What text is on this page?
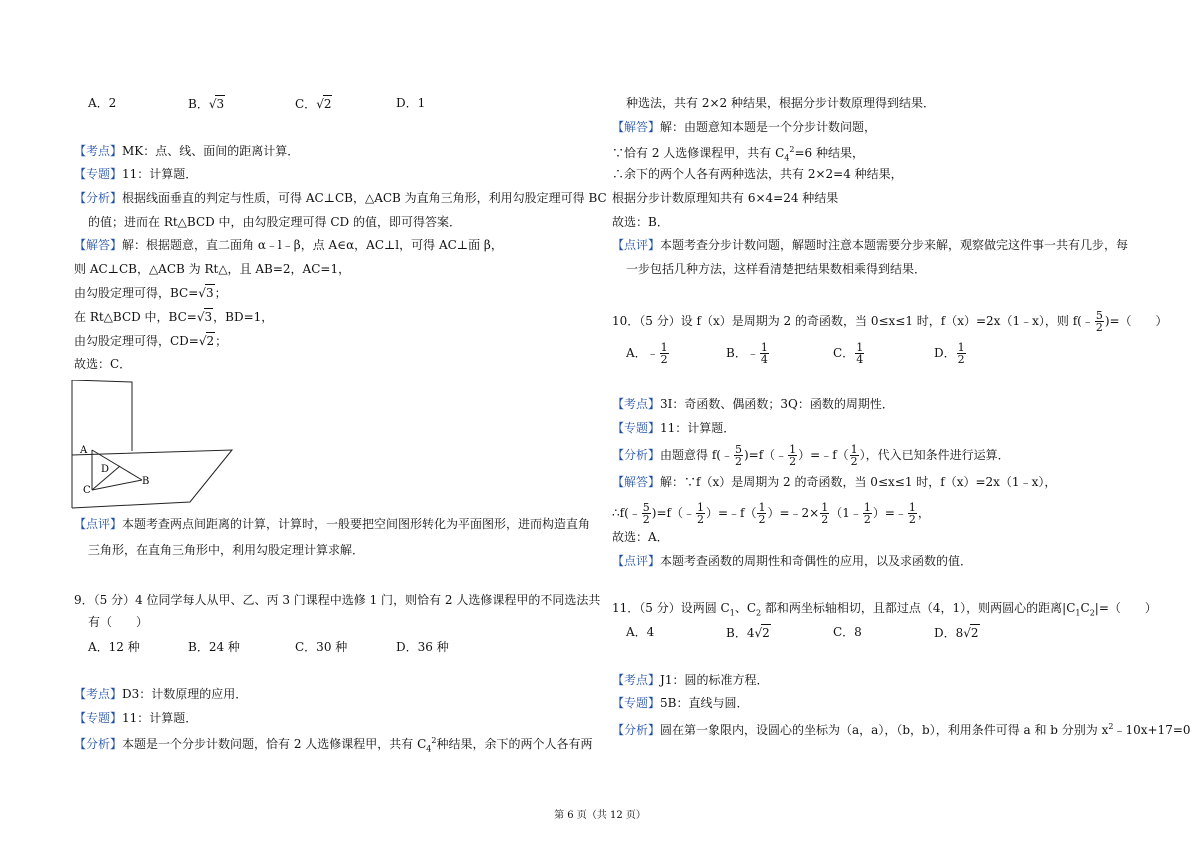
A．2	B．√3	C．√2	D．1
【考点】MK：点、线、面间的距离计算．
【专题】11：计算题．
【分析】根据线面垂直的判定与性质，可得 AC⊥CB，△ACB 为直角三角形，利用勾股定理可得 BC
的值；进而在 Rt△BCD 中，由勾股定理可得 CD 的值，即可得答案．
【解答】解：根据题意，直二面角 α﹣l﹣β，点 A∈α，AC⊥l，可得 AC⊥面 β，
则 AC⊥CB，△ACB 为 Rt△，且 AB=2，AC=1，
由勾股定理可得，BC=√3；
在 Rt△BCD 中，BC=√3，BD=1，
由勾股定理可得，CD=√2；
故选：C．
【点评】本题考查两点间距离的计算，计算时，一般要把空间图形转化为平面图形，进而构造直角
三角形，在直角三角形中，利用勾股定理计算求解．
9．（5 分）4 位同学每人从甲、乙、丙 3 门课程中选修 1 门，则恰有 2 人选修课程甲的不同选法共
有（　　）
A．12 种	B．24 种	C．30 种	D．36 种
【考点】D3：计数原理的应用．
【专题】11：计算题．
【分析】本题是一个分步计数问题，恰有 2 人选修课程甲，共有 $C_4^2$种结果，余下的两个人各有两
A
D
C
B
种选法，共有 2×2 种结果，根据分步计数原理得到结果．
【解答】解：由题意知本题是一个分步计数问题，
∵恰有 2 人选修课程甲，共有 $C_4^2=6$ 种结果，
∴余下的两个人各有两种选法，共有 2×2=4 种结果，
根据分步计数原理知共有 6×4=24 种结果
故选：B．
【点评】本题考查分步计数问题，解题时注意本题需要分步来解，观察做完这件事一共有几步，每
一步包括几种方法，这样看清楚把结果数相乘得到结果．
10．（5 分）设 f（x）是周期为 2 的奇函数，当 0≤x≤1 时，f（x）=2x（1﹣x），则 f(﹣ $\frac{5}{2}$ )=（　　）
A．﹣ $\frac{1}{2}$	B．﹣ $\frac{1}{4}$	C． $\frac{1}{4}$	D． $\frac{1}{2}$
【考点】3I：奇函数、偶函数；3Q：函数的周期性．
【专题】11：计算题．
【分析】由题意得 f(﹣ $\frac{5}{2}$ )=f（﹣ $\frac{1}{2}$ ）=﹣f（ $\frac{1}{2}$ ），代入已知条件进行运算．
【解答】解：∵f（x）是周期为 2 的奇函数，当 0≤x≤1 时，f（x）=2x（1﹣x），
∴f(﹣ $\frac{5}{2}$ )=f（﹣ $\frac{1}{2}$ ）=﹣f（ $\frac{1}{2}$ ）=﹣2× $\frac{1}{2}$ （1﹣ $\frac{1}{2}$ ）=﹣ $\frac{1}{2}$ ，
故选：A．
【点评】本题考查函数的周期性和奇偶性的应用，以及求函数的值．
11．（5 分）设两圆 $C_1$、$C_2$ 都和两坐标轴相切，且都过点（4，1），则两圆心的距离$|C_1C_2|=$（　　）
A．4	B．4√2	C．8	D．8√2
【考点】J1：圆的标准方程．
【专题】5B：直线与圆．
【分析】圆在第一象限内，设圆心的坐标为（a，a），（b，b），利用条件可得 a 和 b 分别为 $x^2﹣10x+17=0$
第 6 页（共 12 页）
